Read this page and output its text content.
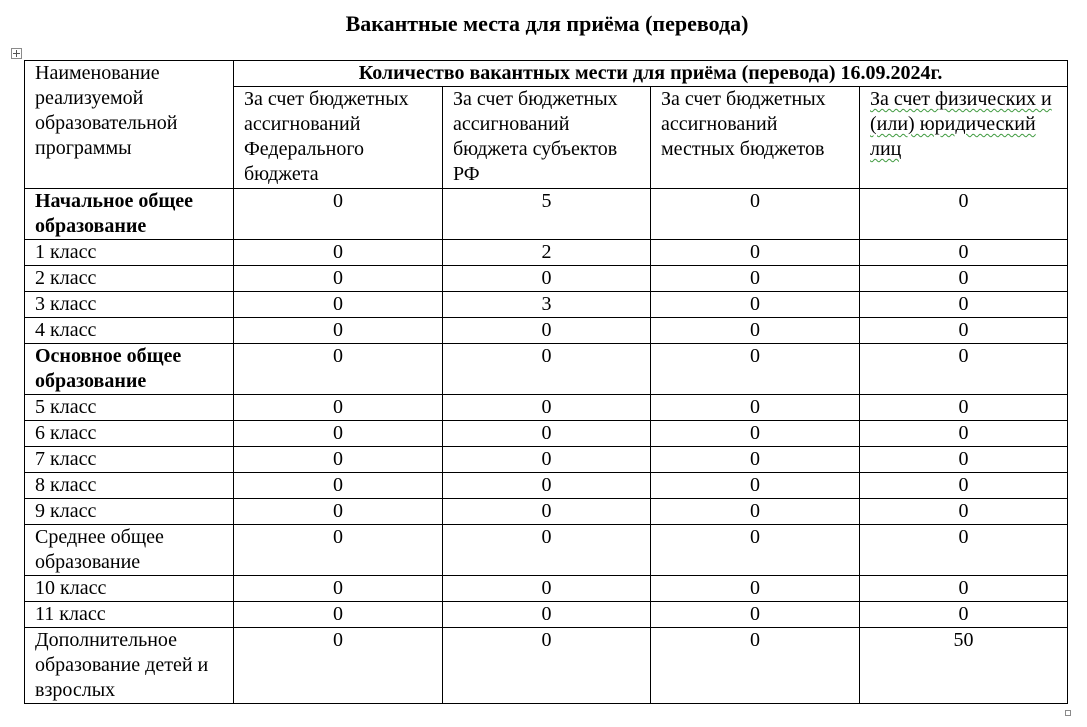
Вакантные места для приёма (перевода)
Наименование реализуемой образовательной программы	Количество вакантных мести для приёма (перевода) 16.09.2024г.			
	За счет бюджетных ассигнований Федерального бюджета	За счет бюджетных ассигнований бюджета субъектов РФ	За счет бюджетных ассигнований местных бюджетов	За счет физических и (или) юридический лиц
Начальное общее образование	0	5	0	0
1 класс	0	2	0	0
2 класс	0	0	0	0
3 класс	0	3	0	0
4 класс	0	0	0	0
Основное общее образование	0	0	0	0
5 класс	0	0	0	0
6 класс	0	0	0	0
7 класс	0	0	0	0
8 класс	0	0	0	0
9 класс	0	0	0	0
Среднее общее образование	0	0	0	0
10 класс	0	0	0	0
11 класс	0	0	0	0
Дополнительное образование детей и взрослых	0	0	0	50
